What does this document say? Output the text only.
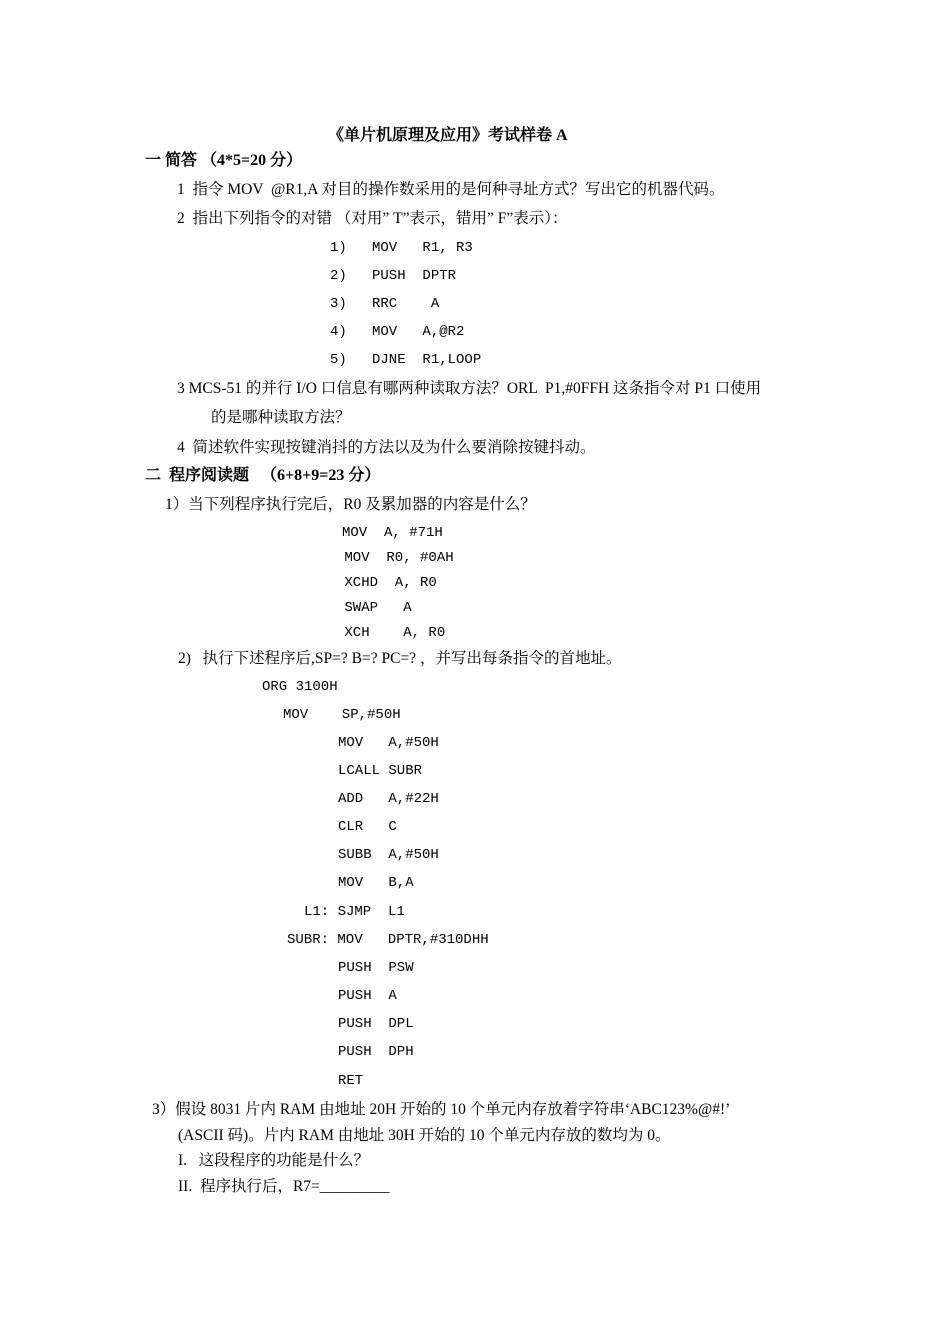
《单片机原理及应用》考试样卷 A
一 简答 （4*5=20 分）
1  指令 MOV  @R1,A 对目的操作数采用的是何种寻址方式？写出它的机器代码。
2  指出下列指令的对错 （对用” T”表示，错用” F”表示）：
1)   MOV   R1, R3
2)   PUSH  DPTR
3)   RRC    A
4)   MOV   A,@R2
5)   DJNE  R1,LOOP
3 MCS-51 的并行 I/O 口信息有哪两种读取方法？ORL  P1,#0FFH 这条指令对 P1 口使用
的是哪种读取方法？
4  简述软件实现按键消抖的方法以及为什么要消除按键抖动。
二  程序阅读题   （6+8+9=23 分）
1）当下列程序执行完后，R0 及累加器的内容是什么？
MOV  A, #71H
MOV  R0, #0AH
XCHD  A, R0
SWAP   A
XCH    A, R0
2)   执行下述程序后,SP=? B=? PC=? ，并写出每条指令的首地址。
ORG 3100H
MOV    SP,#50H
MOV   A,#50H
LCALL SUBR
ADD   A,#22H
CLR   C
SUBB  A,#50H
MOV   B,A
L1: SJMP  L1
SUBR: MOV   DPTR,#310DHH
PUSH  PSW
PUSH  A
PUSH  DPL
PUSH  DPH
RET
3）假设 8031 片内 RAM 由地址 20H 开始的 10 个单元内存放着字符串‘ABC123%@#!’
(ASCII 码)。片内 RAM 由地址 30H 开始的 10 个单元内存放的数均为 0。
I.   这段程序的功能是什么？
II.  程序执行后，R7=_________
